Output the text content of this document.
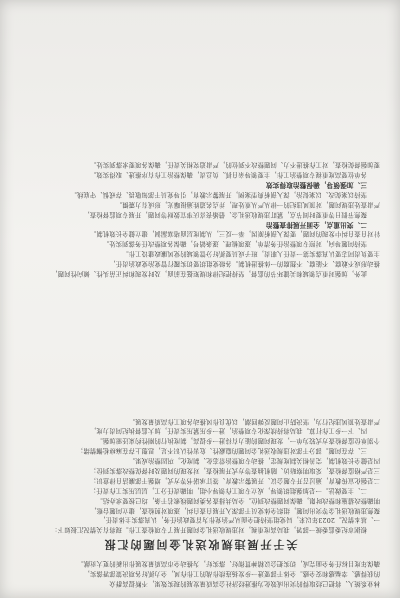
林业系统人、将把已经取得的突出成效化为推进经济社会高质量发展的现实效果，不断提高群众
的获得感、幸福感和安全感。全体干部要进一步发扬连续作战的工作作风，全力抓好各项决策部署落实，
确保年度目标任务全面完成，切实把会议精神贯彻好、落实好，为推动全市高质量发展作出新的更大贡献。
关于开展违规收送礼金问题的汇报
根据市纪委监委统一部署，我局高度重视，对违规收送礼金问题开展了专项检查工作。现将有关情况汇报如下：
一、基本情况。2023年以来，局党组坚持把全面从严治党作为首要政治任务，认真落实主体责任，
聚焦违规收送礼金等突出问题，组织全体党员干部深入开展自查自纠，逐项对照检查，建立问题台账，
明确整改措施和整改时限，确保问题整改到位。全局共排查各类问题线索若干条，均已按要求办结。
二、主要做法。一是加强组织领导，成立专项工作领导小组，明确责任分工，层层压实工作责任；
二是强化宣传教育，通过召开专题会议、开展警示教育、签订承诺书等方式，增强干部廉洁自律意识；
三是严格监督检查，采取明察暗访、随机抽查等方式开展检查，对发现的问题及时督促整改落实到位；
四是健全长效机制，完善相关制度规定，推动专项整治常态化、制度化，巩固整治成果。
三、存在问题。部分干部对违规收送礼金问题的隐蔽性、危害性认识不足，思想上存在麻痹松懈情绪；
个别单位监督检查方式较为单一，发现问题的能力有待进一步提高，制度执行的刚性约束还需加强。
四、下一步工作打算。我局将持续深化专项整治，进一步压紧压实责任，加大监督执纪问责力度，
严肃查处顶风违纪行为，坚决防止问题反弹回潮，以优良作风推动各项工作高质量发展。
此外，加强对重点领域和关键环节的监督，坚持把纪律和规矩挺在前面，及时发现和纠正苗头性、倾向性问题，
推动形成不敢腐、不能腐、不想腐的一体推进机制。各级党组织要切实履行管党治党政治责任，
主要负责同志要认真落实第一责任人职责，班子成员要抓好分管领域的党风廉政建设工作。
坚持问题导向，对照专项整治任务清单，逐项梳理、逐条销号，确保各项整改任务落到实处。
针对自查自纠中发现的问题，要深入剖析原因，举一反三，从制度层面堵塞漏洞，建立健全长效机制。
二、突出重点，全面开展排查整治
聚焦节假日等重要时间节点，紧盯违规收送礼金、借婚丧喜庆事宜敛财等问题，开展专项监督检查，
严肃查处违规问题，对顶风违纪的一律从严从重处理，并点名道姓通报曝光，形成有力震慑。
坚持以案促改、以案促治，深入剖析典型案例，开展警示教育，引导党员干部知敬畏、存戒惧、守底线。
三、加强领导，确保整治取得实效
各单位要高度重视专项整治工作，主要领导亲自抓、负总责，确保整治工作有序推进、取得实效。
要加强督促检查，对工作推进不力、问题整改不到位的，严肃追究相关责任，确保各项要求落到实处。
